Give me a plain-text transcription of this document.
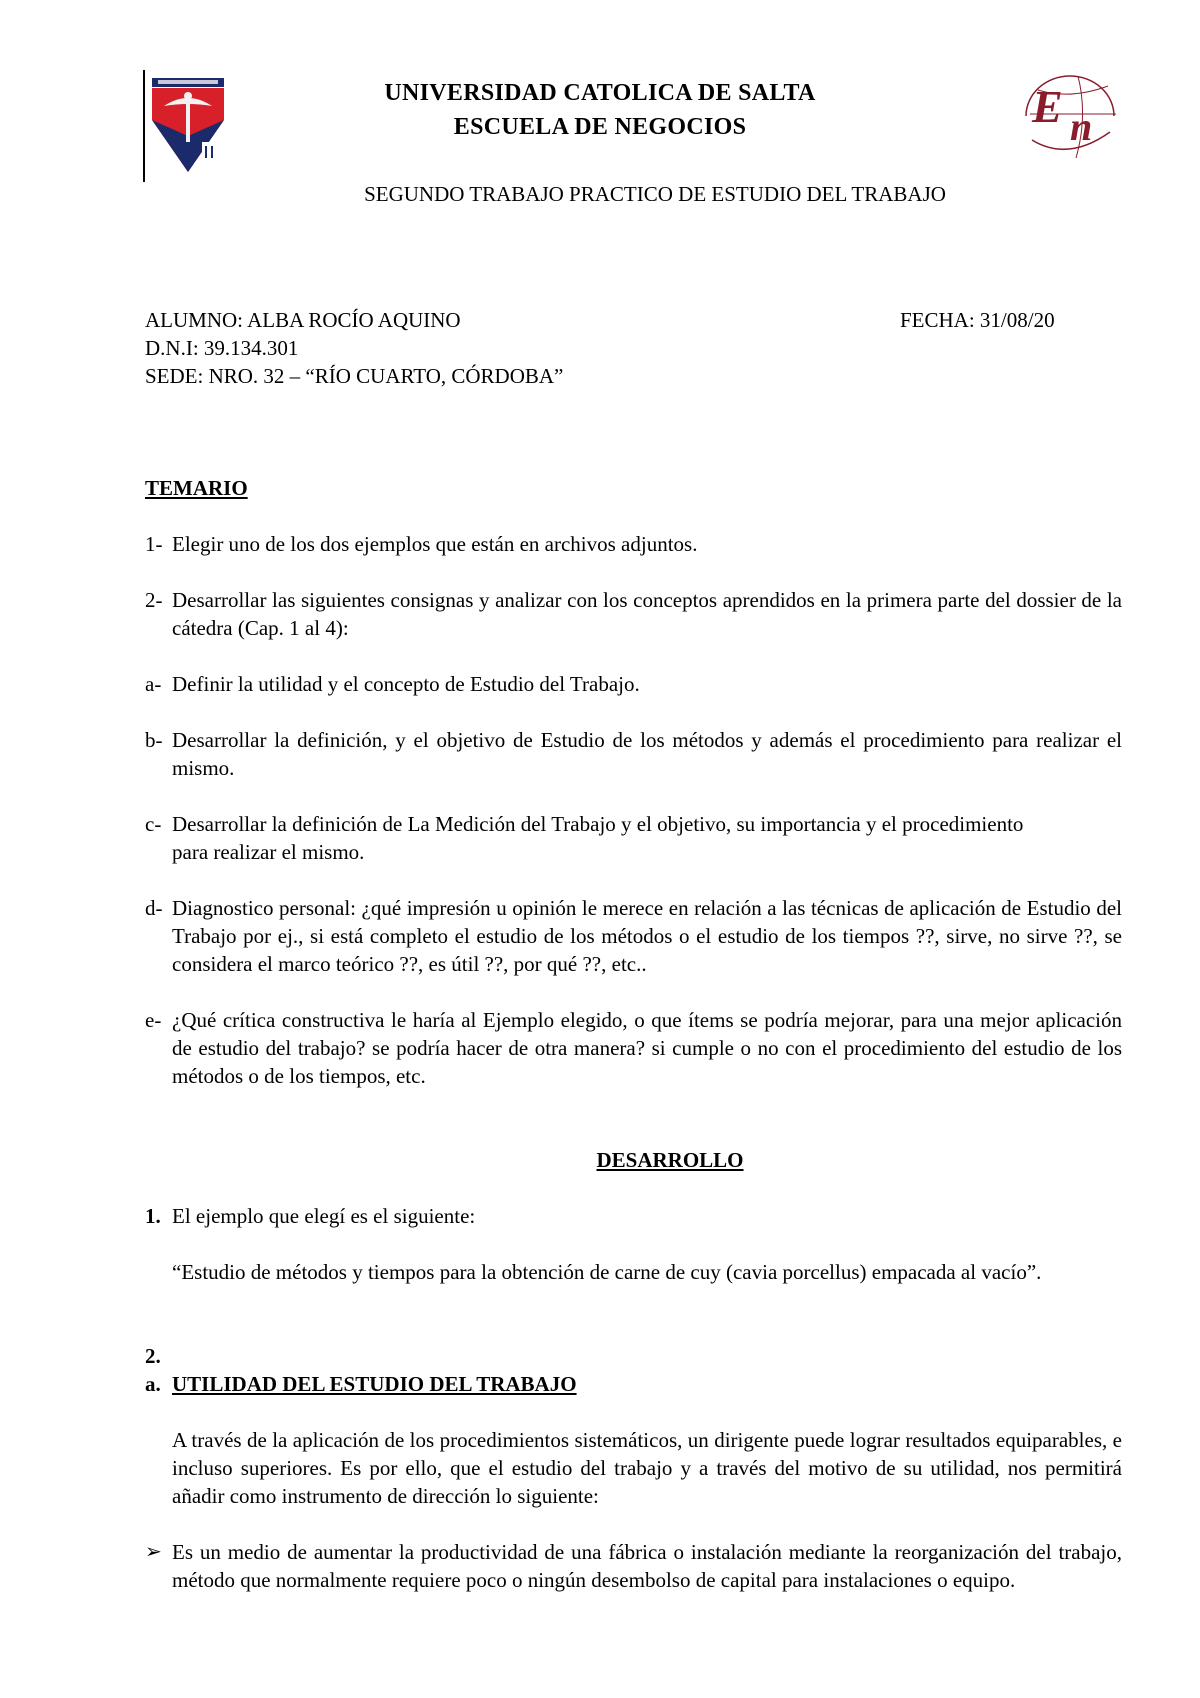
E n
UNIVERSIDAD CATOLICA DE SALTA
ESCUELA DE NEGOCIOS
SEGUNDO TRABAJO PRACTICO DE ESTUDIO DEL TRABAJO
ALUMNO: ALBA ROCÍO AQUINO	FECHA: 31/08/20
D.N.I: 39.134.301
SEDE: NRO. 32 – “RÍO CUARTO, CÓRDOBA”
TEMARIO
1- Elegir uno de los dos ejemplos que están en archivos adjuntos.
2- Desarrollar las siguientes consignas y analizar con los conceptos aprendidos en la primera parte del dossier de la cátedra (Cap. 1 al 4):
a- Definir la utilidad y el concepto de Estudio del Trabajo.
b- Desarrollar la definición, y el objetivo de Estudio de los métodos y además el procedimiento para realizar el mismo.
c- Desarrollar la definición de La Medición del Trabajo y el objetivo, su importancia y el procedimiento para realizar el mismo.
d- Diagnostico personal: ¿qué impresión u opinión le merece en relación a las técnicas de aplicación de Estudio del Trabajo por ej., si está completo el estudio de los métodos o el estudio de los tiempos ??, sirve, no sirve ??, se considera el marco teórico ??, es útil ??, por qué ??, etc..
e- ¿Qué crítica constructiva le haría al Ejemplo elegido, o que ítems se podría mejorar, para una mejor aplicación de estudio del trabajo? se podría hacer de otra manera? si cumple o no con el procedimiento del estudio de los métodos o de los tiempos, etc.
DESARROLLO
1. El ejemplo que elegí es el siguiente:
“Estudio de métodos y tiempos para la obtención de carne de cuy (cavia porcellus) empacada al vacío”.
2.
a. UTILIDAD DEL ESTUDIO DEL TRABAJO
A través de la aplicación de los procedimientos sistemáticos, un dirigente puede lograr resultados equiparables, e incluso superiores. Es por ello, que el estudio del trabajo y a través del motivo de su utilidad, nos permitirá añadir como instrumento de dirección lo siguiente:
➢ Es un medio de aumentar la productividad de una fábrica o instalación mediante la reorganización del trabajo, método que normalmente requiere poco o ningún desembolso de capital para instalaciones o equipo.
